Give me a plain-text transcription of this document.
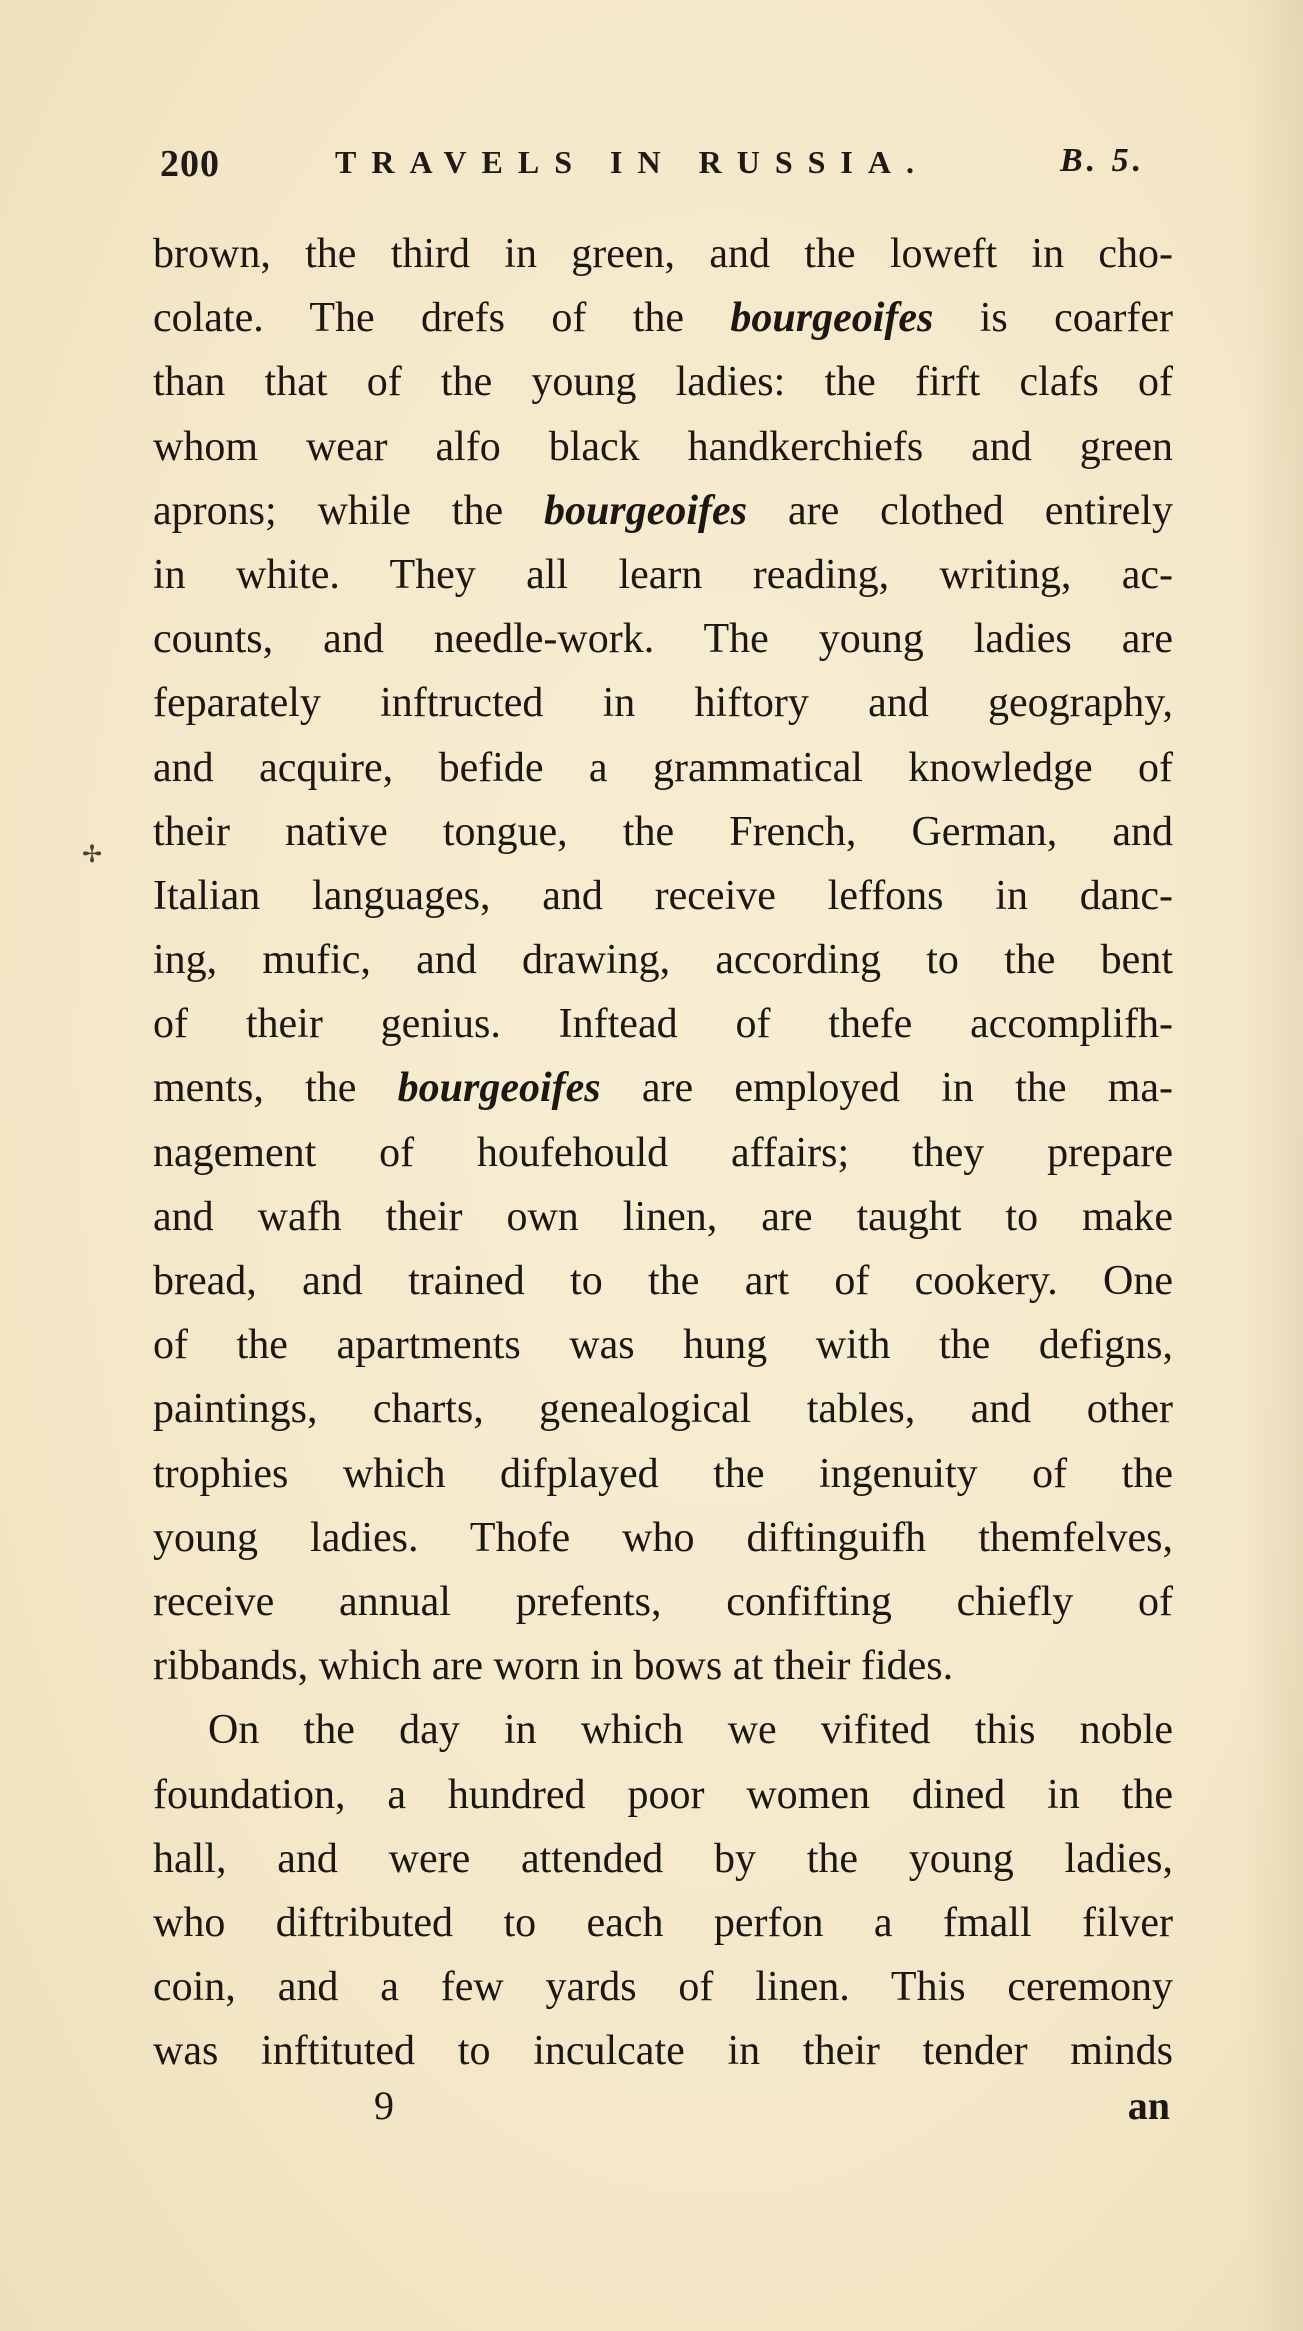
200	TRAVELS IN RUSSIA.	B. 5.
✢
brown, the third in green, and the loweft in cho-
colate. The drefs of the bourgeoifes is coarfer
than that of the young ladies: the firft clafs of
whom wear alfo black handkerchiefs and green
aprons; while the bourgeoifes are clothed entirely
in white. They all learn reading, writing, ac-
counts, and needle-work. The young ladies are
feparately inftructed in hiftory and geography,
and acquire, befide a grammatical knowledge of
their native tongue, the French, German, and
Italian languages, and receive leffons in danc-
ing, mufic, and drawing, according to the bent
of their genius. Inftead of thefe accomplifh-
ments, the bourgeoifes are employed in the ma-
nagement of houfehould affairs; they prepare
and wafh their own linen, are taught to make
bread, and trained to the art of cookery. One
of the apartments was hung with the defigns,
paintings, charts, genealogical tables, and other
trophies which difplayed the ingenuity of the
young ladies. Thofe who diftinguifh themfelves,
receive annual prefents, confifting chiefly of
ribbands, which are worn in bows at their fides.
On the day in which we vifited this noble
foundation, a hundred poor women dined in the
hall, and were attended by the young ladies,
who diftributed to each perfon a fmall filver
coin, and a few yards of linen. This ceremony
was inftituted to inculcate in their tender minds
9	an
